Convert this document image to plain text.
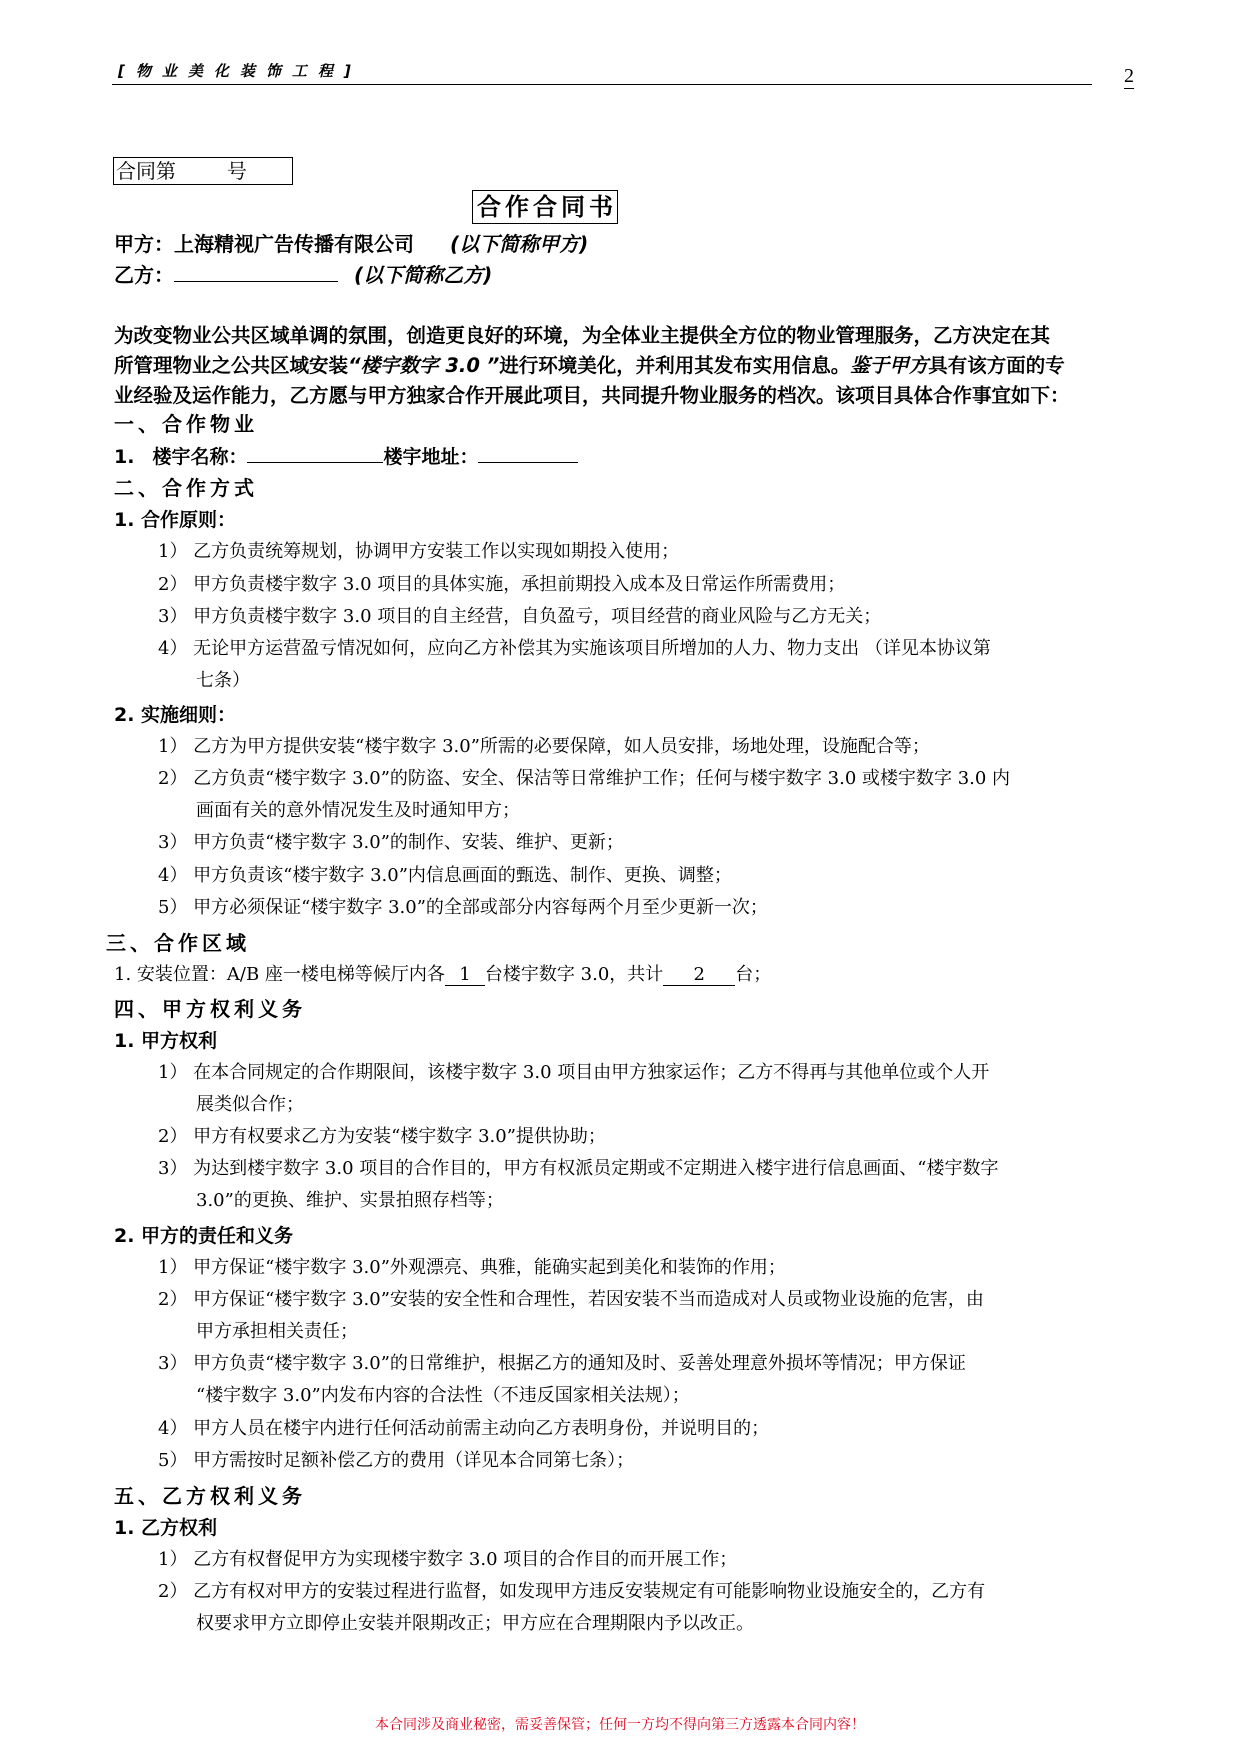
[物业美化装饰工程]	2
合同第        号
合作合同书
甲方：上海精视广告传播有限公司 (以下简称甲方)
乙方：	(以下简称乙方)
为改变物业公共区域单调的氛围，创造更良好的环境，为全体业主提供全方位的物业管理服务，乙方决定在其
所管理物业之公共区域安装“楼宇数字 3.0 ”进行环境美化，并利用其发布实用信息。鉴于甲方具有该方面的专
业经验及运作能力，乙方愿与甲方独家合作开展此项目，共同提升物业服务的档次。该项目具体合作事宜如下：
一、合作物业
1. 楼宇名称：	楼宇地址：
二、合作方式
1. 合作原则：
1） 乙方负责统筹规划，协调甲方安装工作以实现如期投入使用；
2） 甲方负责楼宇数字 3.0 项目的具体实施，承担前期投入成本及日常运作所需费用；
3） 甲方负责楼宇数字 3.0 项目的自主经营，自负盈亏，项目经营的商业风险与乙方无关；
4） 无论甲方运营盈亏情况如何，应向乙方补偿其为实施该项目所增加的人力、物力支出 （详见本协议第
七条）
2. 实施细则：
1） 乙方为甲方提供安装“楼宇数字 3.0”所需的必要保障，如人员安排，场地处理，设施配合等；
2） 乙方负责“楼宇数字 3.0”的防盗、安全、保洁等日常维护工作；任何与楼宇数字 3.0 或楼宇数字 3.0 内
画面有关的意外情况发生及时通知甲方；
3） 甲方负责“楼宇数字 3.0”的制作、安装、维护、更新；
4） 甲方负责该“楼宇数字 3.0”内信息画面的甄选、制作、更换、调整；
5） 甲方必须保证“楼宇数字 3.0”的全部或部分内容每两个月至少更新一次；
三、合作区域
1. 安装位置：A/B 座一楼电梯等候厅内各 1 台楼宇数字 3.0，共计 2 台；
四、甲方权利义务
1. 甲方权利
1） 在本合同规定的合作期限间，该楼宇数字 3.0 项目由甲方独家运作；乙方不得再与其他单位或个人开
展类似合作；
2） 甲方有权要求乙方为安装“楼宇数字 3.0”提供协助；
3） 为达到楼宇数字 3.0 项目的合作目的，甲方有权派员定期或不定期进入楼宇进行信息画面、“楼宇数字
3.0”的更换、维护、实景拍照存档等；
2. 甲方的责任和义务
1） 甲方保证“楼宇数字 3.0”外观漂亮、典雅，能确实起到美化和装饰的作用；
2） 甲方保证“楼宇数字 3.0”安装的安全性和合理性，若因安装不当而造成对人员或物业设施的危害，由
甲方承担相关责任；
3） 甲方负责“楼宇数字 3.0”的日常维护，根据乙方的通知及时、妥善处理意外损坏等情况；甲方保证
“楼宇数字 3.0”内发布内容的合法性（不违反国家相关法规）；
4） 甲方人员在楼宇内进行任何活动前需主动向乙方表明身份，并说明目的；
5） 甲方需按时足额补偿乙方的费用（详见本合同第七条）；
五、乙方权利义务
1. 乙方权利
1） 乙方有权督促甲方为实现楼宇数字 3.0 项目的合作目的而开展工作；
2） 乙方有权对甲方的安装过程进行监督，如发现甲方违反安装规定有可能影响物业设施安全的，乙方有
权要求甲方立即停止安装并限期改正；甲方应在合理期限内予以改正。
本合同涉及商业秘密，需妥善保管；任何一方均不得向第三方透露本合同内容！
